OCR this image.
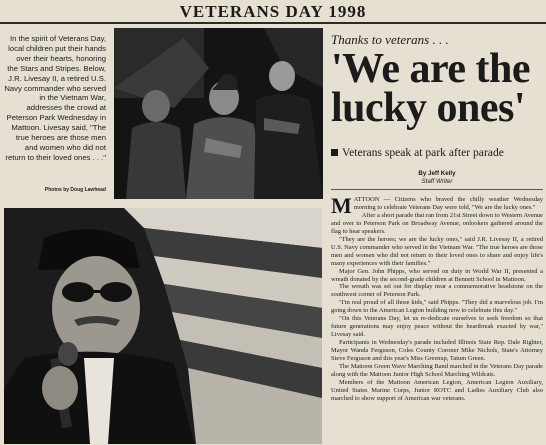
VETERANS DAY 1998
In the spirit of Veterans Day, local children put their hands over their hearts, honoring the Stars and Stripes. Below, J.R. Livesay II, a retired U.S. Navy commander who served in the Vietnam War, addresses the crowd at Peterson Park Wednesday in Mattoon. Livesay said, "The true heroes are those men and women who did not return to their loved ones . . ."
Photos by Doug Lawhead
Thanks to veterans . . .
'We are the lucky ones'
Veterans speak at park after parade
By Jeff Kelly
Staff Writer

M ATTOON — Citizens who braved the chilly weather Wednesday morning to celebrate Veterans Day were told, "We are the lucky ones."

After a short parade that ran from 21st Street down to Western Avenue and over to Peterson Park on Broadway Avenue, onlookers gathered around the flag to hear speakers.

"They are the heroes; we are the lucky ones," said J.R. Livesay II, a retired U.S. Navy commander who served in the Vietnam War. "The true heroes are those men and women who did not return to their loved ones to share and enjoy life's many experiences with their families."

Major Gen. John Phipps, who served on duty in World War II, presented a wreath donated by the second-grade children at Bennett School in Mattoon.

The wreath was set out for display near a commemorative headstone on the southwest corner of Peterson Park.

"I'm real proud of all those kids," said Phipps. "They did a marvelous job. I'm going down to the American Legion building now to celebrate this day."

"On this Veterans Day, let us re-dedicate ourselves to seek freedom so that future generations may enjoy peace without the heartbreak exacted by war," Livesay said.

Participants in Wednesday's parade included Illinois State Rep. Dale Righter, Mayor Wanda Ferguson, Coles County Coroner Mike Nichols, State's Attorney Steve Ferguson and this year's Miss Greenup, Tatum Green.

The Mattoon Green Wave Marching Band marched in the Veterans Day parade along with the Mattoon Junior High School Marching Wildcats.

Members of the Mattoon American Legion, American Legion Auxiliary, United States Marine Corps, Junior ROTC and Ladies Auxiliary Club also marched to show support of American war veterans.
